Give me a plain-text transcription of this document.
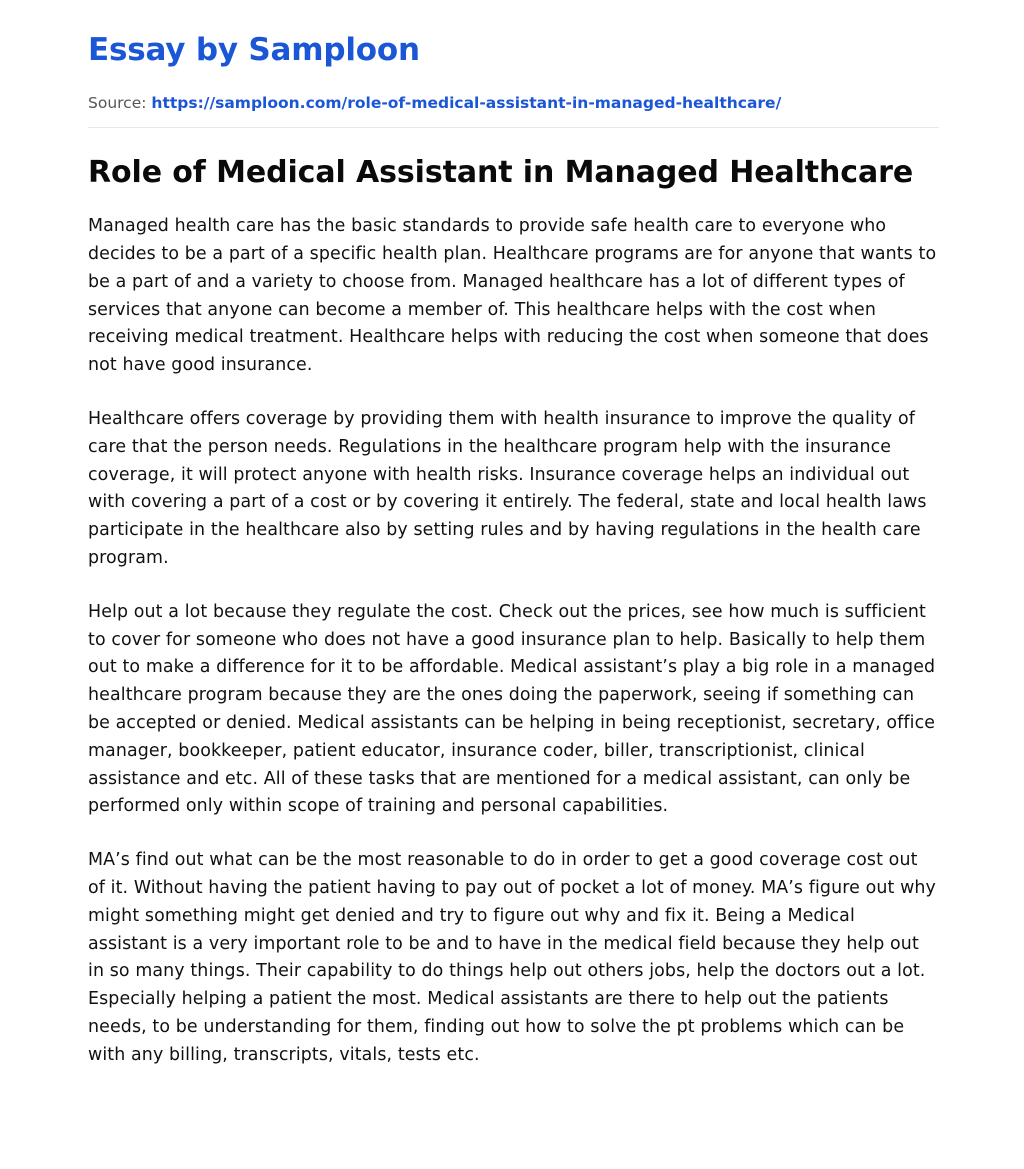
Essay by Samploon
Source: https://samploon.com/role-of-medical-assistant-in-managed-healthcare/
Role of Medical Assistant in Managed Healthcare

Managed health care has the basic standards to provide safe health care to everyone who decides to be a part of a specific health plan. Healthcare programs are for anyone that wants to be a part of and a variety to choose from. Managed healthcare has a lot of different types of services that anyone can become a member of. This healthcare helps with the cost when receiving medical treatment. Healthcare helps with reducing the cost when someone that does not have good insurance.

Healthcare offers coverage by providing them with health insurance to improve the quality of care that the person needs. Regulations in the healthcare program help with the insurance coverage, it will protect anyone with health risks. Insurance coverage helps an individual out with covering a part of a cost or by covering it entirely. The federal, state and local health laws participate in the healthcare also by setting rules and by having regulations in the health care program.

Help out a lot because they regulate the cost. Check out the prices, see how much is sufficient to cover for someone who does not have a good insurance plan to help. Basically to help them out to make a difference for it to be affordable. Medical assistant’s play a big role in a managed healthcare program because they are the ones doing the paperwork, seeing if something can be accepted or denied. Medical assistants can be helping in being receptionist, secretary, office manager, bookkeeper, patient educator, insurance coder, biller, transcriptionist, clinical assistance and etc. All of these tasks that are mentioned for a medical assistant, can only be performed only within scope of training and personal capabilities.

MA’s find out what can be the most reasonable to do in order to get a good coverage cost out of it. Without having the patient having to pay out of pocket a lot of money. MA’s figure out why might something might get denied and try to figure out why and fix it. Being a Medical assistant is a very important role to be and to have in the medical field because they help out in so many things. Their capability to do things help out others jobs, help the doctors out a lot. Especially helping a patient the most. Medical assistants are there to help out the patients needs, to be understanding for them, finding out how to solve the pt problems which can be with any billing, transcripts, vitals, tests etc.
